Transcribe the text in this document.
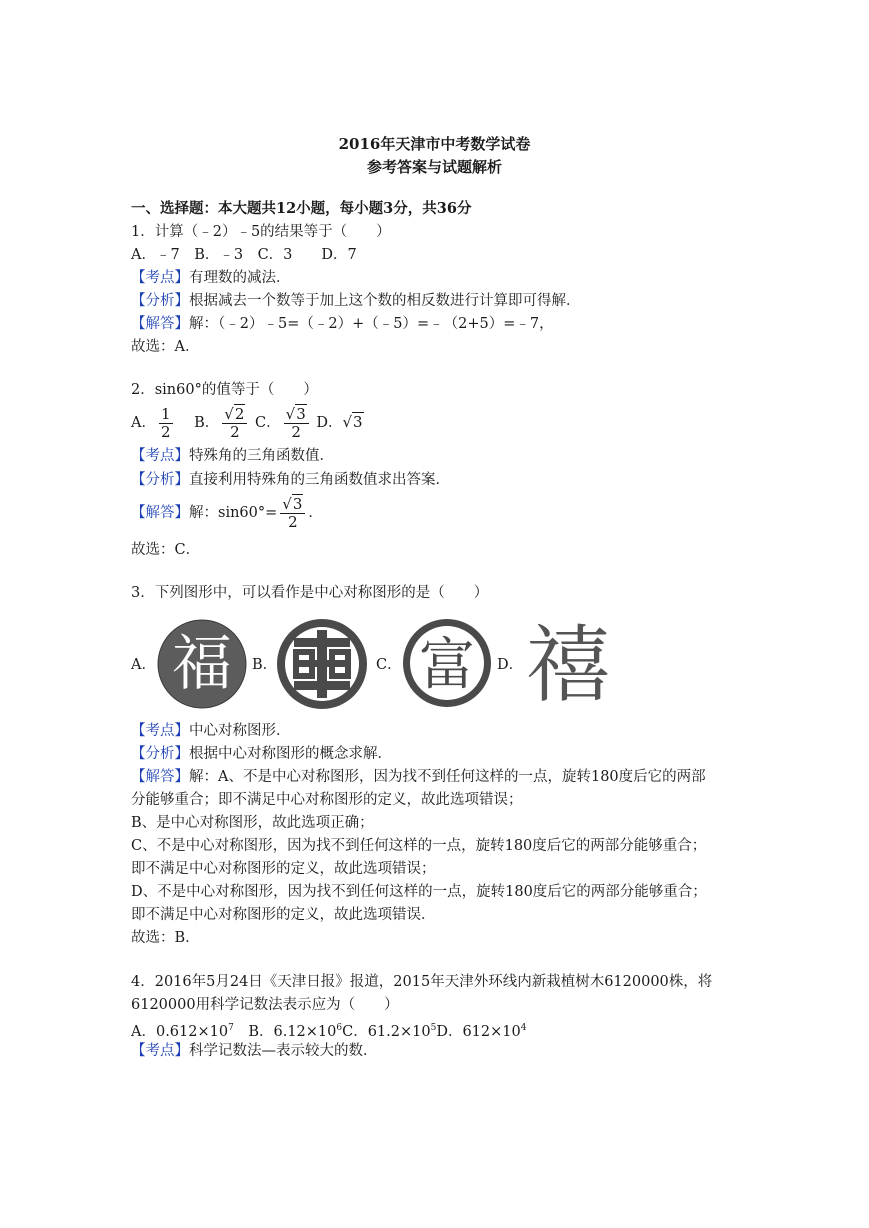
2016年天津市中考数学试卷
参考答案与试题解析
一、选择题：本大题共12小题，每小题3分，共36分
1．计算（﹣2）﹣5的结果等于（　　）
A．﹣7　B．﹣3　C．3　　D．7
【考点】有理数的减法．
【分析】根据减去一个数等于加上这个数的相反数进行计算即可得解．
【解答】解：（﹣2）﹣5=（﹣2）+（﹣5）=﹣（2+5）=﹣7，
故选：A．
2．sin60°的值等于（　　）
A． $\frac{1}{2}$ B． $\frac{√2}{2}$ C． $\frac{√3}{2}$ D．√3
【考点】特殊角的三角函数值．
【分析】直接利用特殊角的三角函数值求出答案．
【解答】解：$\sin 60^\circ= \frac{√3}{2}$ ．
故选：C．
3．下列图形中，可以看作是中心对称图形的是（　　）
A． 福 B．	C． 富 D． 禧
【考点】中心对称图形．
【分析】根据中心对称图形的概念求解．
【解答】解：A、不是中心对称图形，因为找不到任何这样的一点，旋转180度后它的两部
分能够重合；即不满足中心对称图形的定义，故此选项错误；
B、是中心对称图形，故此选项正确；
C、不是中心对称图形，因为找不到任何这样的一点，旋转180度后它的两部分能够重合；
即不满足中心对称图形的定义，故此选项错误；
D、不是中心对称图形，因为找不到任何这样的一点，旋转180度后它的两部分能够重合；
即不满足中心对称图形的定义，故此选项错误．
故选：B．
4．2016年5月24日《天津日报》报道，2015年天津外环线内新栽植树木6120000株，将
6120000用科学记数法表示应为（　　）
A．$0.612\times 10^7$　B．$6.12\times 10^6C$．$61.2\times 10^5D$．$612\times 10^4$
【考点】科学记数法—表示较大的数．
